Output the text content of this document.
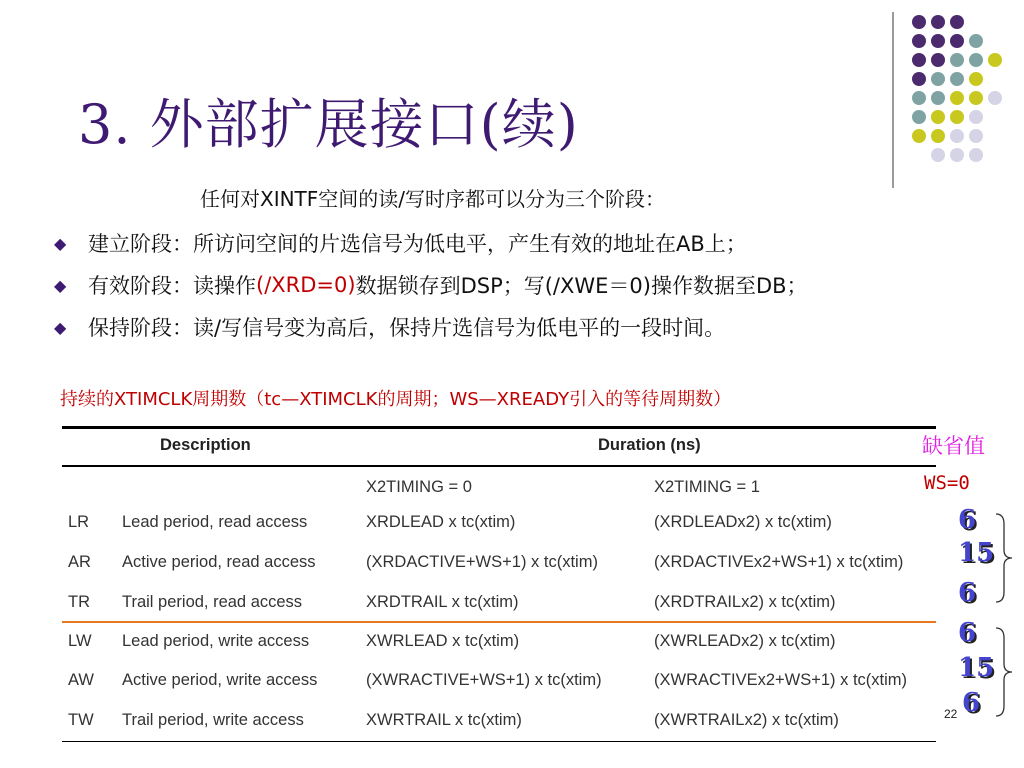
3. 外部扩展接口(续)
任何对XINTF空间的读/写时序都可以分为三个阶段：
◆	建立阶段：所访问空间的片选信号为低电平，产生有效的地址在AB上；
◆	有效阶段：读操作 (/XRD=0) 数据锁存到DSP；写(/XWE＝0)操作数据至DB；
◆	保持阶段：读/写信号变为高后，保持片选信号为低电平的一段时间。
持续的XTIMCLK周期数（tc—XTIMCLK的周期；WS—XREADY引入的等待周期数）
缺省值
WS=0
Description	Duration (ns)
X2TIMING = 0	X2TIMING = 1
LR Lead period, read access	XRDLEAD x tc(xtim)	(XRDLEADx2) x tc(xtim)	6
AR Active period, read access	(XRDACTIVE+WS+1) x tc(xtim)	(XRDACTIVEx2+WS+1) x tc(xtim) 15
TR Trail period, read access	XRDTRAIL x tc(xtim)	(XRDTRAILx2) x tc(xtim)	6
LW Lead period, write access	XWRLEAD x tc(xtim)	(XWRLEADx2) x tc(xtim)	6
AW Active period, write access	(XWRACTIVE+WS+1) x tc(xtim)	(XWRACTIVEx2+WS+1) x tc(xtim) 15
TW Trail period, write access	XWRTRAIL x tc(xtim)	(XWRTRAILx2) x tc(xtim)
6
22
